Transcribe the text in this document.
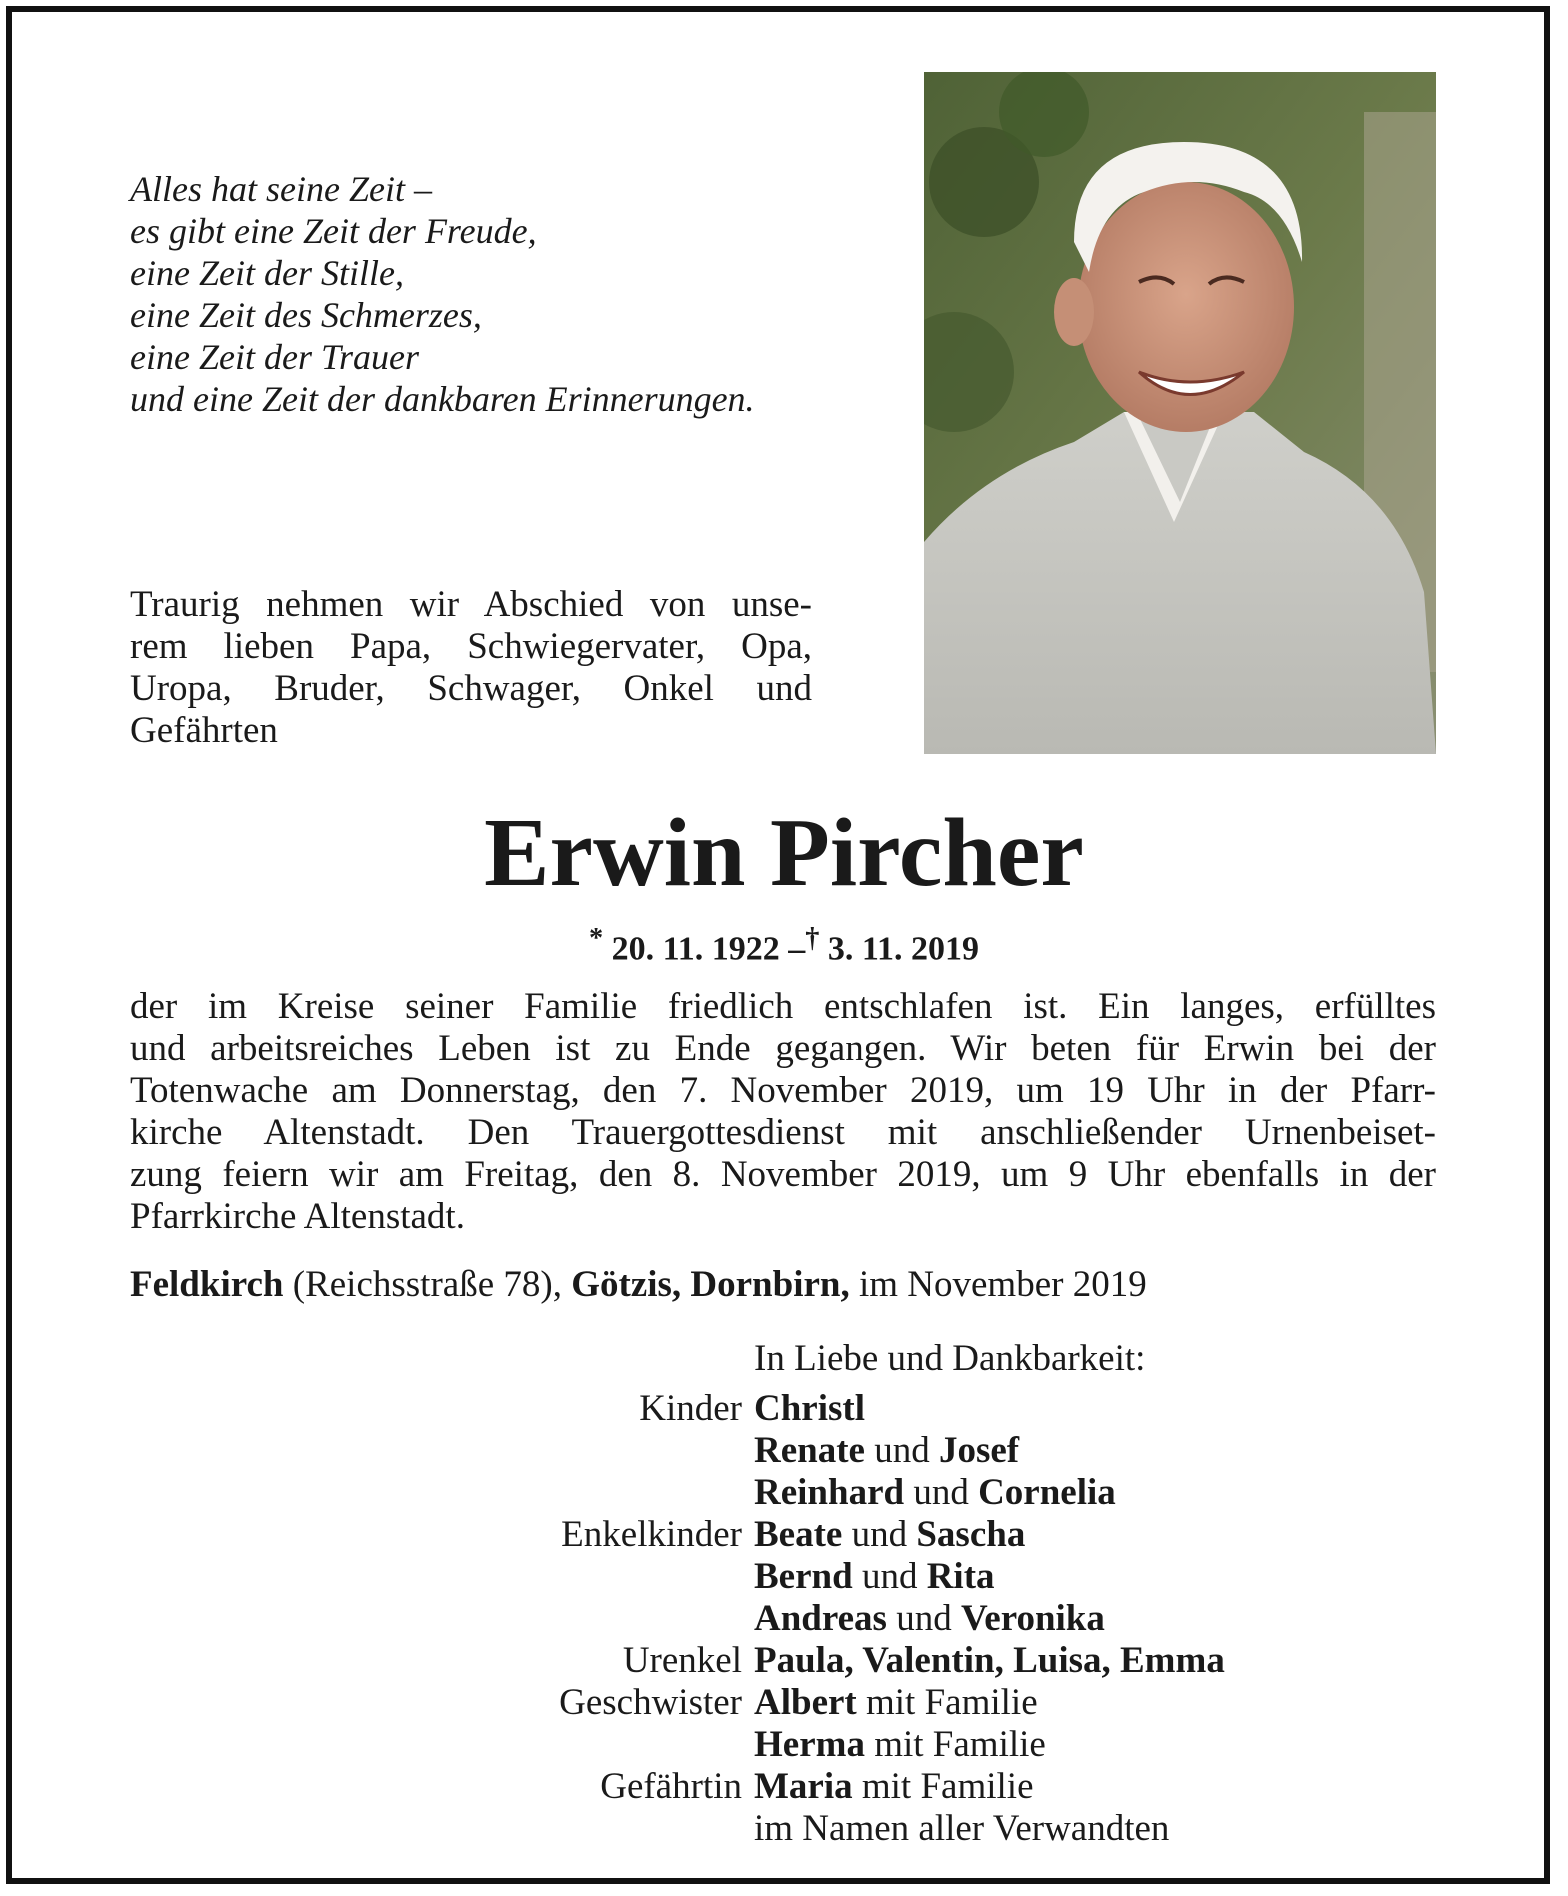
Alles hat seine Zeit –
es gibt eine Zeit der Freude,
eine Zeit der Stille,
eine Zeit des Schmerzes,
eine Zeit der Trauer
und eine Zeit der dankbaren Erinnerungen.
Traurig nehmen wir Abschied von unse-
rem lieben Papa, Schwiegervater, Opa,
Uropa, Bruder, Schwager, Onkel und
Gefährten
Erwin Pircher
* 20. 11. 1922 –† 3. 11. 2019
der im Kreise seiner Familie friedlich entschlafen ist. Ein langes, erfülltes
und arbeitsreiches Leben ist zu Ende gegangen. Wir beten für Erwin bei der
Totenwache am Donnerstag, den 7. November 2019, um 19 Uhr in der Pfarr-
kirche Altenstadt. Den Trauergottesdienst mit anschließender Urnenbeiset-
zung feiern wir am Freitag, den 8. November 2019, um 9 Uhr ebenfalls in der
Pfarrkirche Altenstadt.
Feldkirch (Reichsstraße 78), Götzis, Dornbirn, im November 2019
In Liebe und Dankbarkeit:
Kinder Christl
Renate und Josef
Reinhard und Cornelia
Enkelkinder Beate und Sascha
Bernd und Rita
Andreas und Veronika
Urenkel Paula, Valentin, Luisa, Emma
Geschwister Albert mit Familie
Herma mit Familie
Gefährtin Maria mit Familie
im Namen aller Verwandten
